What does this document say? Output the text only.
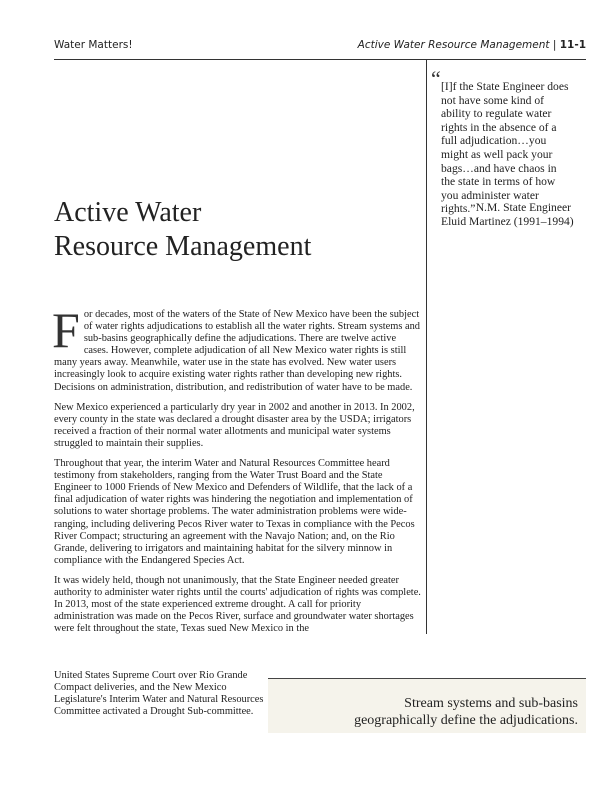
Water Matters!	Active Water Resource Management | 11-1
“ [I]f the State Engineer does not have some kind of ability to regulate water rights in the absence of a full adjudication…you might as well pack your bags…and have chaos in the state in terms of how you administer water rights.” N.M. State Engineer
Eluid Martinez (1991–1994)
Active Water
Resource Management

For decades, most of the waters of the State of New Mexico have been the subject of water rights adjudications to establish all the water rights. Stream systems and sub-basins geographically define the adjudications. There are twelve active cases. However, complete adjudication of all New Mexico water rights is still many years away. Meanwhile, water use in the state has evolved. New water users increasingly look to acquire existing water rights rather than developing new rights. Decisions on administration, distribution, and redistribution of water have to be made.

New Mexico experienced a particularly dry year in 2002 and another in 2013. In 2002, every county in the state was declared a drought disaster area by the USDA; irrigators received a fraction of their normal water allotments and municipal water systems struggled to maintain their supplies.

Throughout that year, the interim Water and Natural Resources Committee heard testimony from stakeholders, ranging from the Water Trust Board and the State Engineer to 1000 Friends of New Mexico and Defenders of Wildlife, that the lack of a final adjudication of water rights was hindering the negotiation and implementation of solutions to water shortage problems. The water administration problems were wide-ranging, including delivering Pecos River water to Texas in compliance with the Pecos River Compact; structuring an agreement with the Navajo Nation; and, on the Rio Grande, delivering to irrigators and maintaining habitat for the silvery minnow in compliance with the Endangered Species Act.

It was widely held, though not unanimously, that the State Engineer needed greater authority to administer water rights until the courts' adjudication of rights was complete. In 2013, most of the state experienced extreme drought. A call for priority administration was made on the Pecos River, surface and groundwater water shortages were felt throughout the state, Texas sued New Mexico in the

United States Supreme Court over Rio Grande Compact deliveries, and the New Mexico Legislature's Interim Water and Natural Resources Committee activated a Drought Sub-committee.
Stream systems and sub-basins
geographically define the adjudications.
